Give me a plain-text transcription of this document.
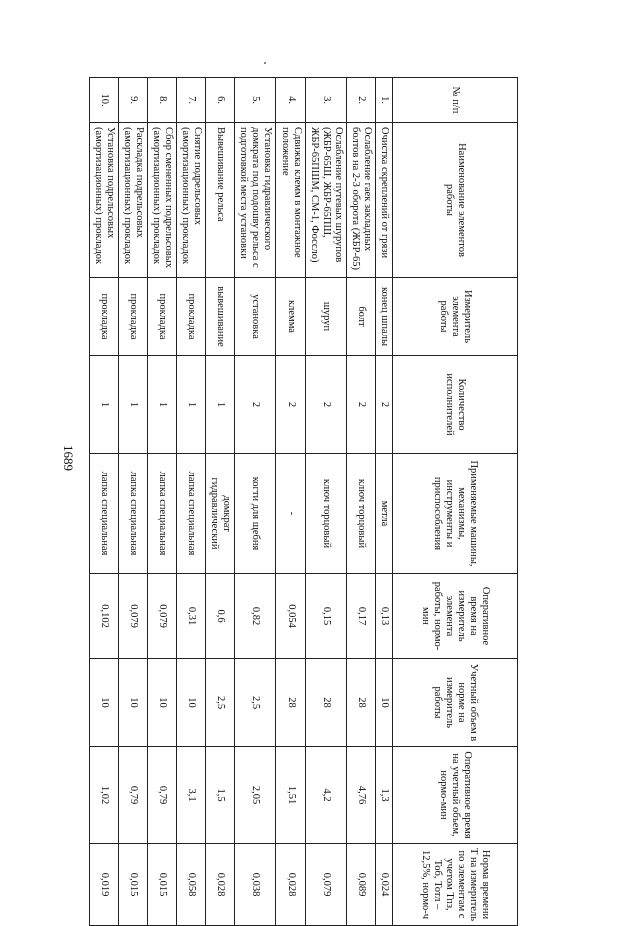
1689
№ п/п	Наименование элементов работы	Измеритель элемента работы	Количество исполнителей	Применяемые машины, механизмы, инструменты и приспособления	Оперативное время на измеритель элемента работы, нормо-мин	Учетный объем в норме на измеритель работы	Оперативное время на учетный объем, нормо-мин	Норма времени Т на измеритель по элементам с учетом Тпз, Тоб, Тотл – 12,5%, нормо-ч
1.	Очистка скреплений от грязи	конец шпалы	2	метла	0,13	10	1,3	0,024
2.	Ослабление гаек закладных болтов на 2-3 оборота (ЖБР-65)	болт	2	ключ торцовый	0,17	28	4,76	0,089
3.	Ослабление путевых шурупов (ЖБР-65Ш, ЖБР-65ПШ, ЖБР-65ПШМ, СМ-1, Фоссло)	шуруп	2	ключ торцовый	0,15	28	4,2	0,079
4.	Сдвижка клемм в монтажное положение	клемма	2	-	0,054	28	1,51	0,028
5.	Установка гидравлического домкрата под подошву рельса с подготовкой места установки	установка	2	когти для щебня	0,82	2,5	2,05	0,038
6.	Вывешивание рельса	вывешивание	1	домкрат гидравлический	0,6	2,5	1,5	0,028
7.	Снятие подрельсовых (амортизационных) прокладок	прокладка	1	лапка специальная	0,31	10	3,1	0,058
8.	Сбор смененных подрельсовых (амортизационных) прокладок	прокладка	1	лапка специальная	0,079	10	0,79	0,015
9.	Раскладка подрельсовых (амортизационных) прокладок	прокладка	1	лапка специальная	0,079	10	0,79	0,015
10.	Установка подрельсовых (амортизационных) прокладок	прокладка	1	лапка специальная	0,102	10	1,02	0,019
